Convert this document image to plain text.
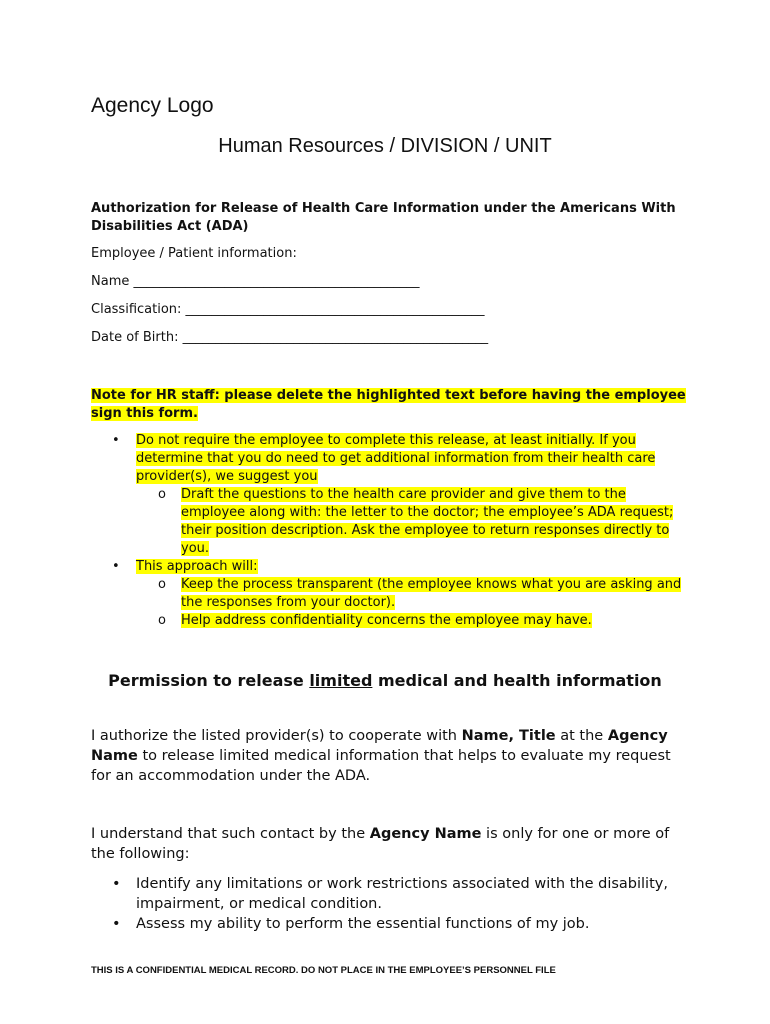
Agency Logo
Human Resources / DIVISION / UNIT
Authorization for Release of Health Care Information under the Americans With Disabilities Act (ADA)
Employee / Patient information:
Name ____________________________________________
Classification: ______________________________________________
Date of Birth: _______________________________________________
Note for HR staff: please delete the highlighted text before having the employee sign this form.
• Do not require the employee to complete this release, at least initially. If you determine that you do need to get additional information from their health care provider(s), we suggest you
o Draft the questions to the health care provider and give them to the employee along with: the letter to the doctor; the employee’s ADA request; their position description. Ask the employee to return responses directly to you.
• This approach will:
o Keep the process transparent (the employee knows what you are asking and the responses from your doctor).
o Help address confidentiality concerns the employee may have.
Permission to release limited medical and health information
I authorize the listed provider(s) to cooperate with Name, Title at the Agency Name to release limited medical information that helps to evaluate my request for an accommodation under the ADA.
I understand that such contact by the Agency Name is only for one or more of the following:
• Identify any limitations or work restrictions associated with the disability, impairment, or medical condition.
• Assess my ability to perform the essential functions of my job.
THIS IS A CONFIDENTIAL MEDICAL RECORD. DO NOT PLACE IN THE EMPLOYEE’S PERSONNEL FILE
